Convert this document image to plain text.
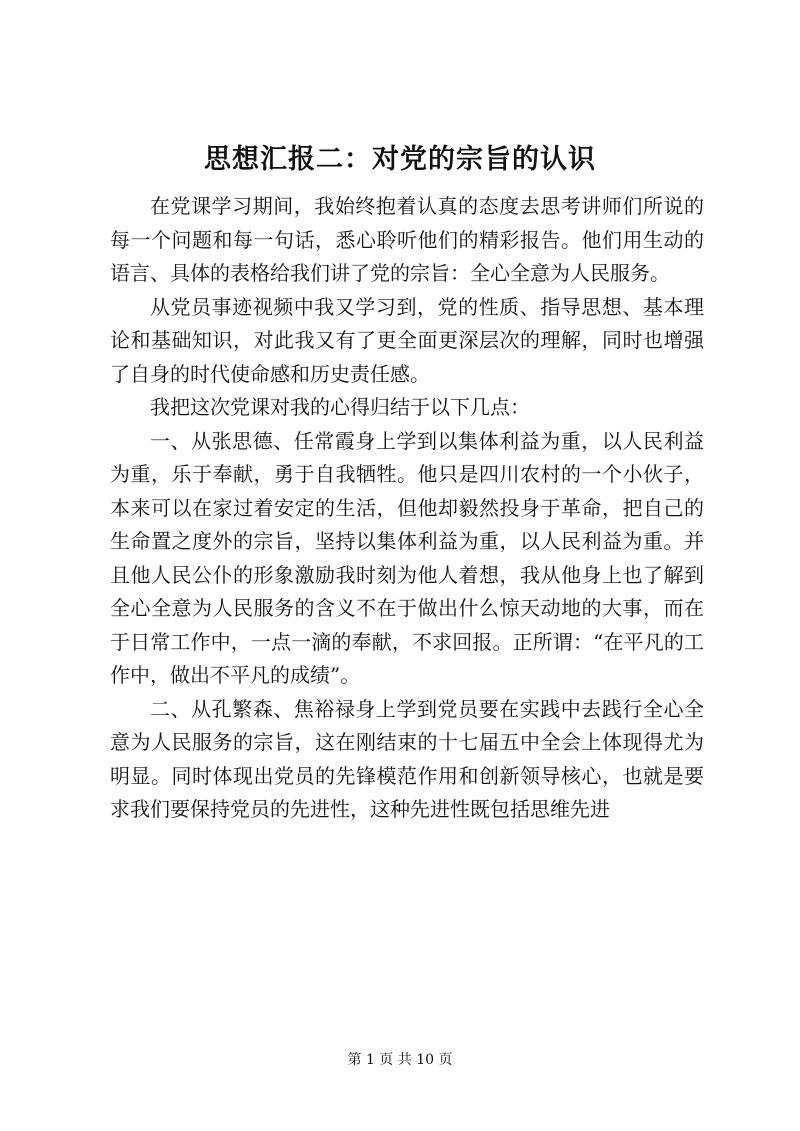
思想汇报二：对党的宗旨的认识

在党课学习期间，我始终抱着认真的态度去思考讲师们所说的每一个问题和每一句话，悉心聆听他们的精彩报告。他们用生动的语言、具体的表格给我们讲了党的宗旨：全心全意为人民服务。

从党员事迹视频中我又学习到，党的性质、指导思想、基本理论和基础知识，对此我又有了更全面更深层次的理解，同时也增强了自身的时代使命感和历史责任感。

我把这次党课对我的心得归结于以下几点：

一、从张思德、任常霞身上学到以集体利益为重，以人民利益为重，乐于奉献，勇于自我牺牲。他只是四川农村的一个小伙子，本来可以在家过着安定的生活，但他却毅然投身于革命，把自己的生命置之度外的宗旨，坚持以集体利益为重，以人民利益为重。并且他人民公仆的形象激励我时刻为他人着想，我从他身上也了解到全心全意为人民服务的含义不在于做出什么惊天动地的大事，而在于日常工作中，一点一滴的奉献，不求回报。正所谓：“在平凡的工作中，做出不平凡的成绩”。

二、从孔繁森、焦裕禄身上学到党员要在实践中去践行全心全意为人民服务的宗旨，这在刚结束的十七届五中全会上体现得尤为明显。同时体现出党员的先锋模范作用和创新领导核心，也就是要求我们要保持党员的先进性，这种先进性既包括思维先进

第 1 页 共 10 页
